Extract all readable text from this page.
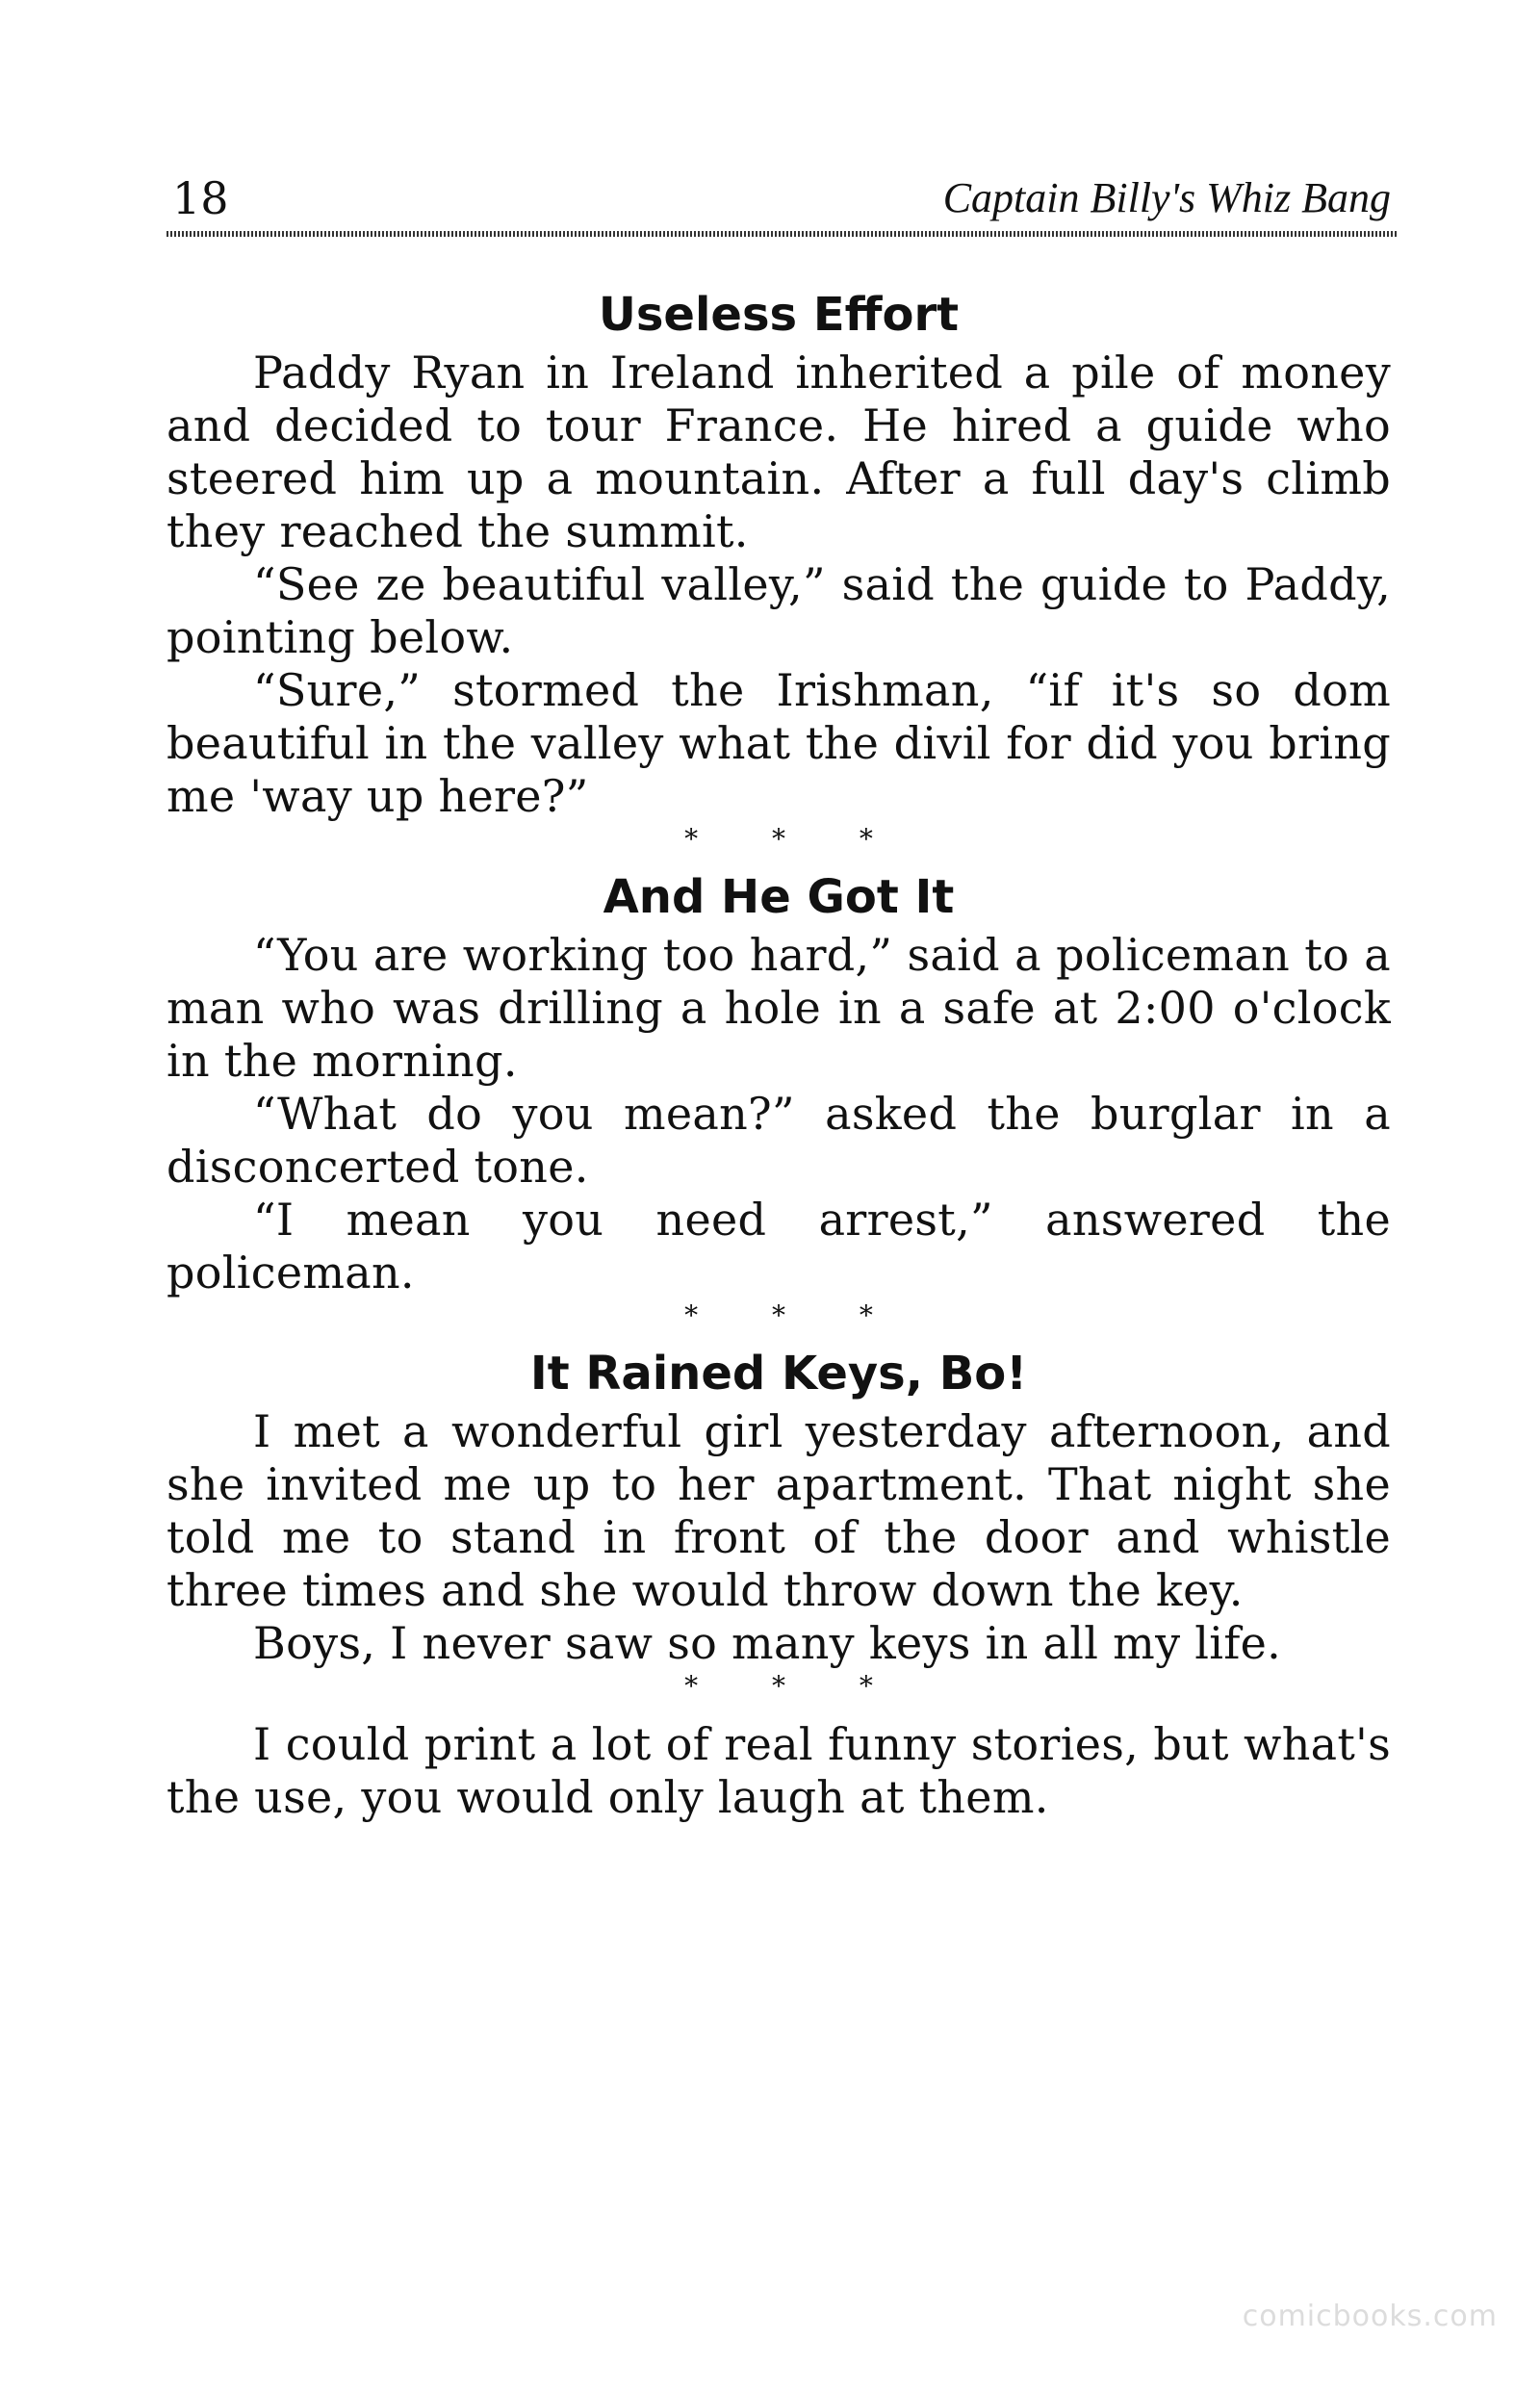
18	Captain Billy's Whiz Bang
Useless Effort

Paddy Ryan in Ireland inherited a pile of money and decided to tour France. He hired a guide who steered him up a mountain. After a full day's climb they reached the summit.

“See ze beautiful valley,” said the guide to Paddy, pointing below.

“Sure,” stormed the Irishman, “if it's so dom beautiful in the valley what the divil for did you bring me 'way up here?”

* * *
And He Got It

“You are working too hard,” said a policeman to a man who was drilling a hole in a safe at 2:00 o'clock in the morning.

“What do you mean?” asked the burglar in a disconcerted tone.

“I mean you need arrest,” answered the policeman.

* * *
It Rained Keys, Bo!

I met a wonderful girl yesterday afternoon, and she invited me up to her apartment. That night she told me to stand in front of the door and whistle three times and she would throw down the key.

Boys, I never saw so many keys in all my life.

* * *

I could print a lot of real funny stories, but what's the use, you would only laugh at them.

comicbooks.com
